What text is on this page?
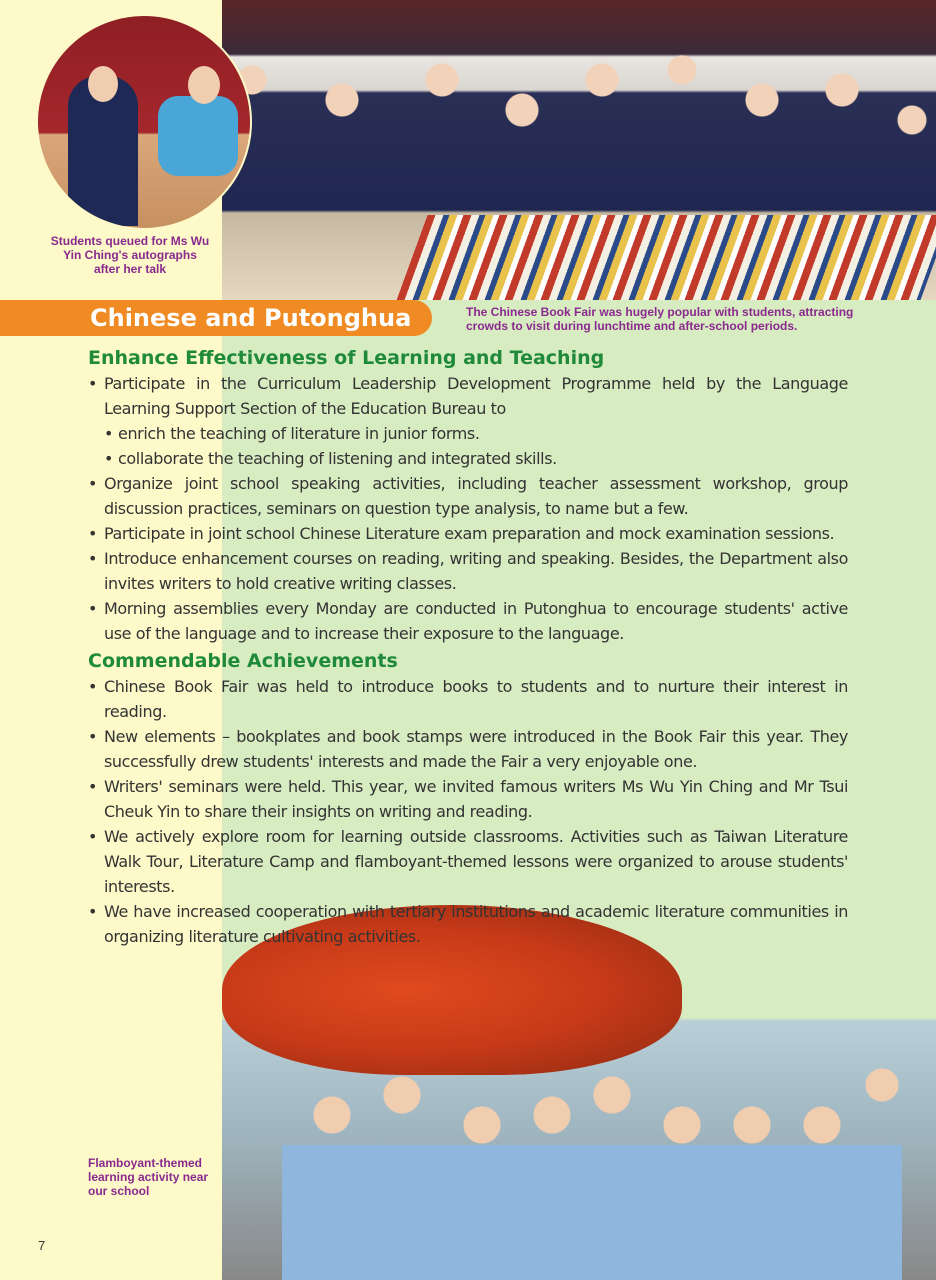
Students queued for Ms Wu Yin Ching's autographs after her talk
The Chinese Book Fair was hugely popular with students, attracting crowds to visit during lunchtime and after-school periods.
Chinese and Putonghua
Enhance Effectiveness of Learning and Teaching
• Participate in the Curriculum Leadership Development Programme held by the Language Learning Support Section of the Education Bureau to
• enrich the teaching of literature in junior forms.
• collaborate the teaching of listening and integrated skills.
• Organize joint school speaking activities, including teacher assessment workshop, group discussion practices, seminars on question type analysis, to name but a few.
• Participate in joint school Chinese Literature exam preparation and mock examination sessions.
• Introduce enhancement courses on reading, writing and speaking. Besides, the Department also invites writers to hold creative writing classes.
• Morning assemblies every Monday are conducted in Putonghua to encourage students' active use of the language and to increase their exposure to the language.
Commendable Achievements
• Chinese Book Fair was held to introduce books to students and to nurture their interest in reading.
• New elements – bookplates and book stamps were introduced in the Book Fair this year. They successfully drew students' interests and made the Fair a very enjoyable one.
• Writers' seminars were held. This year, we invited famous writers Ms Wu Yin Ching and Mr Tsui Cheuk Yin to share their insights on writing and reading.
• We actively explore room for learning outside classrooms. Activities such as Taiwan Literature Walk Tour, Literature Camp and flamboyant-themed lessons were organized to arouse students' interests.
• We have increased cooperation with tertiary institutions and academic literature communities in organizing literature cultivating activities.
Flamboyant-themed learning activity near our school
7
